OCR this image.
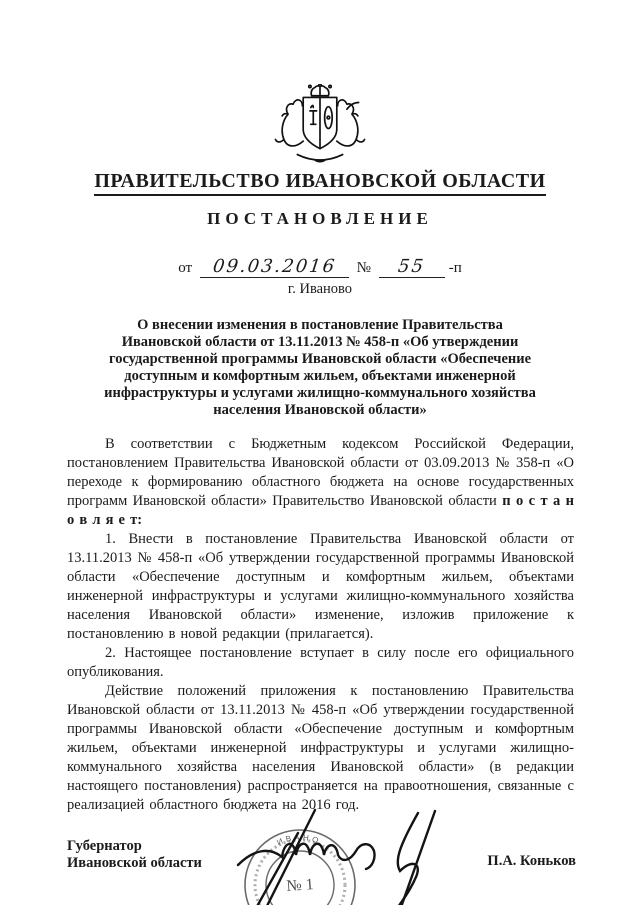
ПРАВИТЕЛЬСТВО ИВАНОВСКОЙ ОБЛАСТИ
ПОСТАНОВЛЕНИЕ
от 09.03.2016 № 55 -п
г. Иваново
О внесении изменения в постановление Правительства
Ивановской области от 13.11.2013 № 458-п «Об утверждении
государственной программы Ивановской области «Обеспечение
доступным и комфортным жильем, объектами инженерной
инфраструктуры и услугами жилищно-коммунального хозяйства
населения Ивановской области»

В соответствии с Бюджетным кодексом Российской Федерации, постановлением Правительства Ивановской области от 03.09.2013 № 358-п «О переходе к формированию областного бюджета на основе государственных программ Ивановской области» Правительство Ивановской области п о с т а н о в л я е т:

1. Внести в постановление Правительства Ивановской области от 13.11.2013 № 458-п «Об утверждении государственной программы Ивановской области «Обеспечение доступным и комфортным жильем, объектами инженерной инфраструктуры и услугами жилищно-коммунального хозяйства населения Ивановской области» изменение, изложив приложение к постановлению в новой редакции (прилагается).

2. Настоящее постановление вступает в силу после его официального опубликования.

Действие положений приложения к постановлению Правительства Ивановской области от 13.11.2013 № 458-п «Об утверждении государственной программы Ивановской области «Обеспечение доступным и комфортным жильем, объектами инженерной инфраструктуры и услугами жилищно-коммунального хозяйства населения Ивановской области» (в редакции настоящего постановления) распространяется на правоотношения, связанные с реализацией областного бюджета на 2016 год.

Губернатор
Ивановской области	П.А. Коньков
ИВАНО
№ 1
